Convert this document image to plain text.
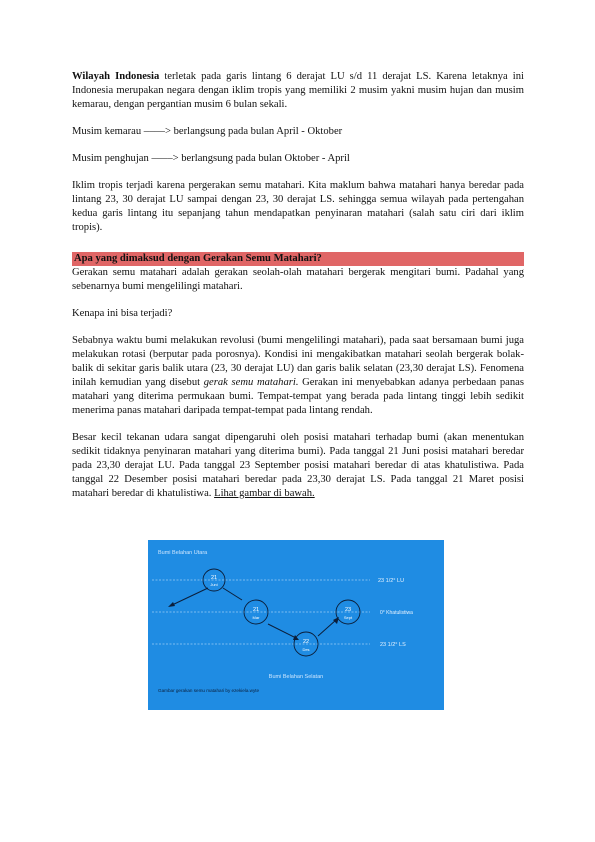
Wilayah Indonesia terletak pada garis lintang 6 derajat LU s/d 11 derajat LS. Karena letaknya ini Indonesia merupakan negara dengan iklim tropis yang memiliki 2 musim yakni musim hujan dan musim kemarau, dengan pergantian musim 6 bulan sekali.

Musim kemarau ––––> berlangsung pada bulan April - Oktober

Musim penghujan ––––> berlangsung pada bulan Oktober - April

Iklim tropis terjadi karena pergerakan semu matahari. Kita maklum bahwa matahari hanya beredar pada lintang 23, 30 derajat LU sampai dengan 23, 30 derajat LS. sehingga semua wilayah pada pertengahan kedua garis lintang itu sepanjang tahun mendapatkan penyinaran matahari (salah satu ciri dari iklim tropis).

Apa yang dimaksud dengan Gerakan Semu Matahari?

Gerakan semu matahari adalah gerakan seolah-olah matahari bergerak mengitari bumi. Padahal yang sebenarnya bumi mengelilingi matahari.

Kenapa ini bisa terjadi?

Sebabnya waktu bumi melakukan revolusi (bumi mengelilingi matahari), pada saat bersamaan bumi juga melakukan rotasi (berputar pada porosnya). Kondisi ini mengakibatkan matahari seolah bergerak bolak-balik di sekitar garis balik utara (23, 30 derajat LU) dan garis balik selatan (23,30 derajat LS). Fenomena inilah kemudian yang disebut gerak semu matahari. Gerakan ini menyebabkan adanya perbedaan panas matahari yang diterima permukaan bumi. Tempat-tempat yang berada pada lintang tinggi lebih sedikit menerima panas matahari daripada tempat-tempat pada lintang rendah.

Besar kecil tekanan udara sangat dipengaruhi oleh posisi matahari terhadap bumi (akan menentukan sedikit tidaknya penyinaran matahari yang diterima bumi). Pada tanggal 21 Juni posisi matahari beredar pada 23,30 derajat LU. Pada tanggal 23 September posisi matahari beredar di atas khatulistiwa. Pada tanggal 22 Desember posisi matahari beredar pada 23,30 derajat LS. Pada tanggal 21 Maret posisi matahari beredar di khatulistiwa. Lihat gambar di bawah.

Bumi Belahan Utara
23 1/2° LU
0° Khatulistiwa
23 1/2° LS
21
Juni
21
Mar
23
Sept
22
Des
Bumi Belahan Selatan
Gambar gerakan semu matahari by ezekiela.wyte
